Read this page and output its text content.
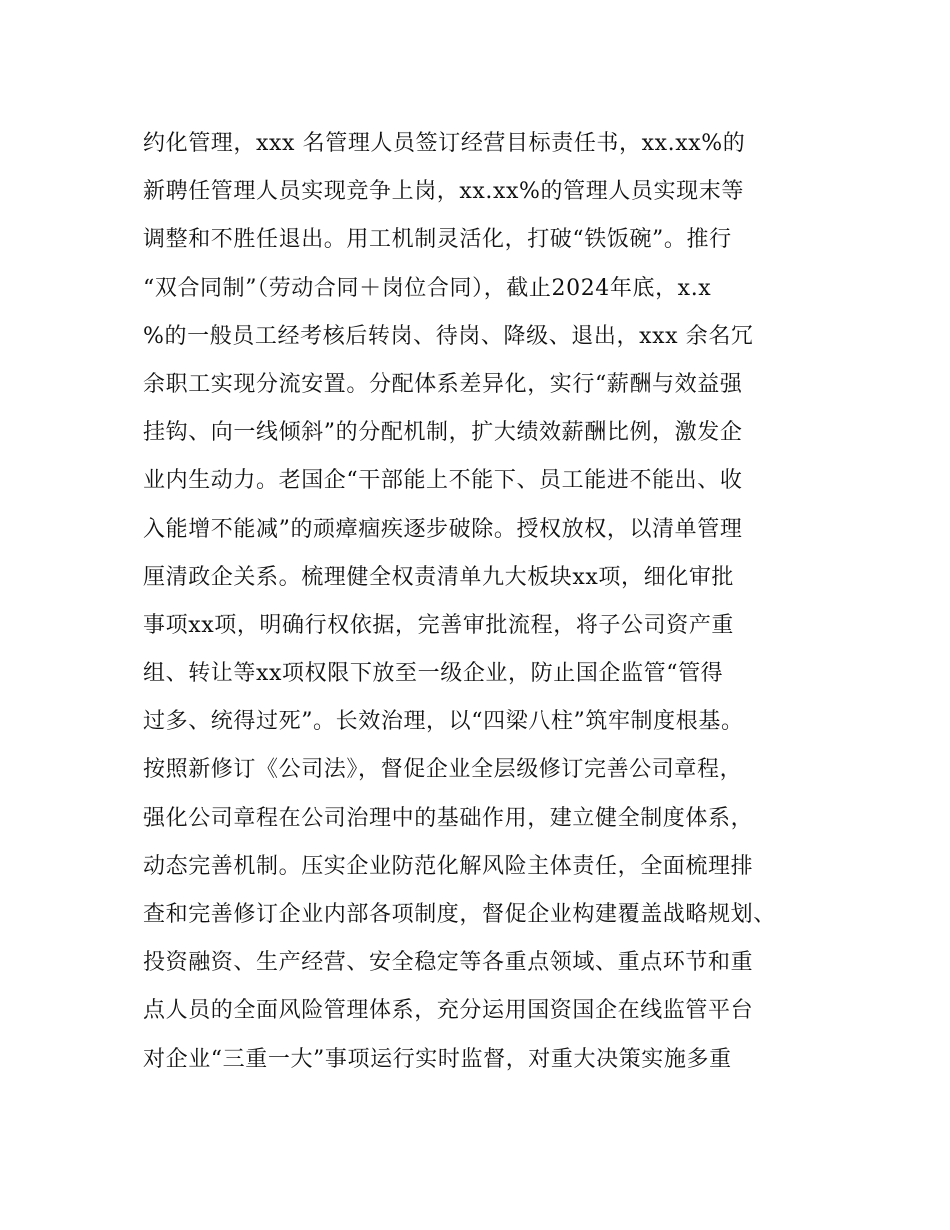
约化管理，xxx 名管理人员签订经营目标责任书，xx.xx%的
新聘任管理人员实现竞争上岗，xx.xx%的管理人员实现末等
调整和不胜任退出。用工机制灵活化，打破“铁饭碗”。推行
“双合同制”（劳动合同＋岗位合同），截止2024年底，x.x
%的一般员工经考核后转岗、待岗、降级、退出，xxx 余名冗
余职工实现分流安置。分配体系差异化，实行“薪酬与效益强
挂钩、向一线倾斜”的分配机制，扩大绩效薪酬比例，激发企
业内生动力。老国企“干部能上不能下、员工能进不能出、收
入能增不能减”的顽瘴痼疾逐步破除。授权放权，以清单管理
厘清政企关系。梳理健全权责清单九大板块xx项，细化审批
事项xx项，明确行权依据，完善审批流程，将子公司资产重
组、转让等xx项权限下放至一级企业，防止国企监管“管得
过多、统得过死”。长效治理，以“四梁八柱”筑牢制度根基。
按照新修订《公司法》，督促企业全层级修订完善公司章程，
强化公司章程在公司治理中的基础作用，建立健全制度体系，
动态完善机制。压实企业防范化解风险主体责任，全面梳理排
查和完善修订企业内部各项制度，督促企业构建覆盖战略规划、
投资融资、生产经营、安全稳定等各重点领域、重点环节和重
点人员的全面风险管理体系，充分运用国资国企在线监管平台
对企业“三重一大”事项运行实时监督，对重大决策实施多重
